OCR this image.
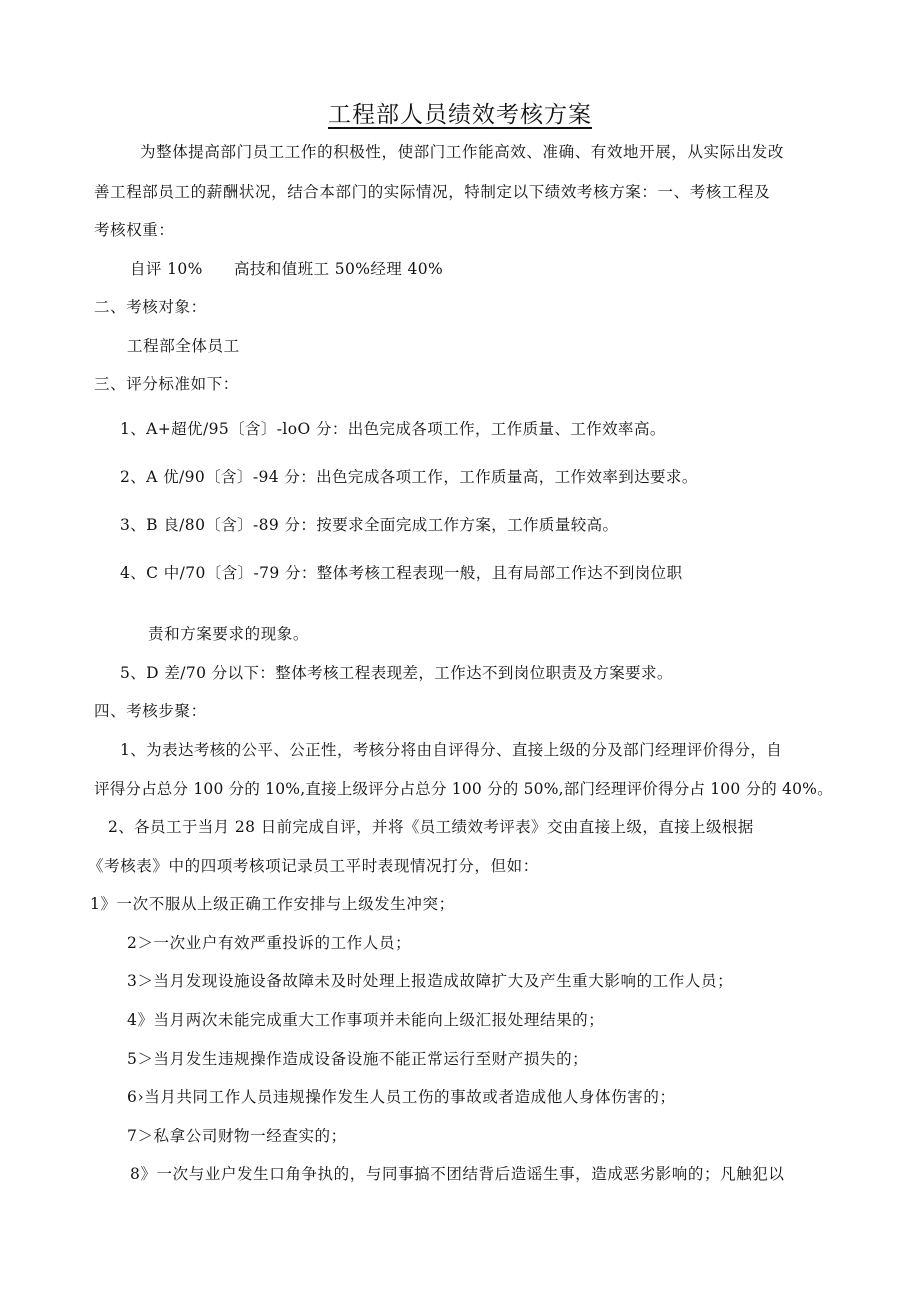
工程部人员绩效考核方案
为整体提高部门员工工作的积极性，使部门工作能高效、准确、有效地开展，从实际出发改
善工程部员工的薪酬状况，结合本部门的实际情况，特制定以下绩效考核方案：一、考核工程及
考核权重：
自评 10% 高技和值班工 50%经理 40%
二、考核对象：
工程部全体员工
三、评分标准如下：
1、A+超优/95〔含〕-loO 分：出色完成各项工作，工作质量、工作效率高。
2、A 优/90〔含〕-94 分：出色完成各项工作，工作质量高，工作效率到达要求。
3、B 良/80〔含〕-89 分：按要求全面完成工作方案，工作质量较高。
4、C 中/70〔含〕-79 分：整体考核工程表现一般，且有局部工作达不到岗位职
责和方案要求的现象。
5、D 差/70 分以下：整体考核工程表现差，工作达不到岗位职责及方案要求。
四、考核步聚：
1、为表达考核的公平、公正性，考核分将由自评得分、直接上级的分及部门经理评价得分，自
评得分占总分 100 分的 10%,直接上级评分占总分 100 分的 50%,部门经理评价得分占 100 分的 40%。
2、各员工于当月 28 日前完成自评，并将《员工绩效考评表》交由直接上级，直接上级根据
《考核表》中的四项考核项记录员工平时表现情况打分，但如：
1》一次不服从上级正确工作安排与上级发生冲突；
2＞一次业户有效严重投诉的工作人员；
3＞当月发现设施设备故障未及时处理上报造成故障扩大及产生重大影响的工作人员；
4》当月两次未能完成重大工作事项并未能向上级汇报处理结果的；
5＞当月发生违规操作造成设备设施不能正常运行至财产损失的；
6›当月共同工作人员违规操作发生人员工伤的事故或者造成他人身体伤害的；
7＞私拿公司财物一经查实的；
8》一次与业户发生口角争执的，与同事搞不团结背后造谣生事，造成恶劣影响的；凡触犯以
